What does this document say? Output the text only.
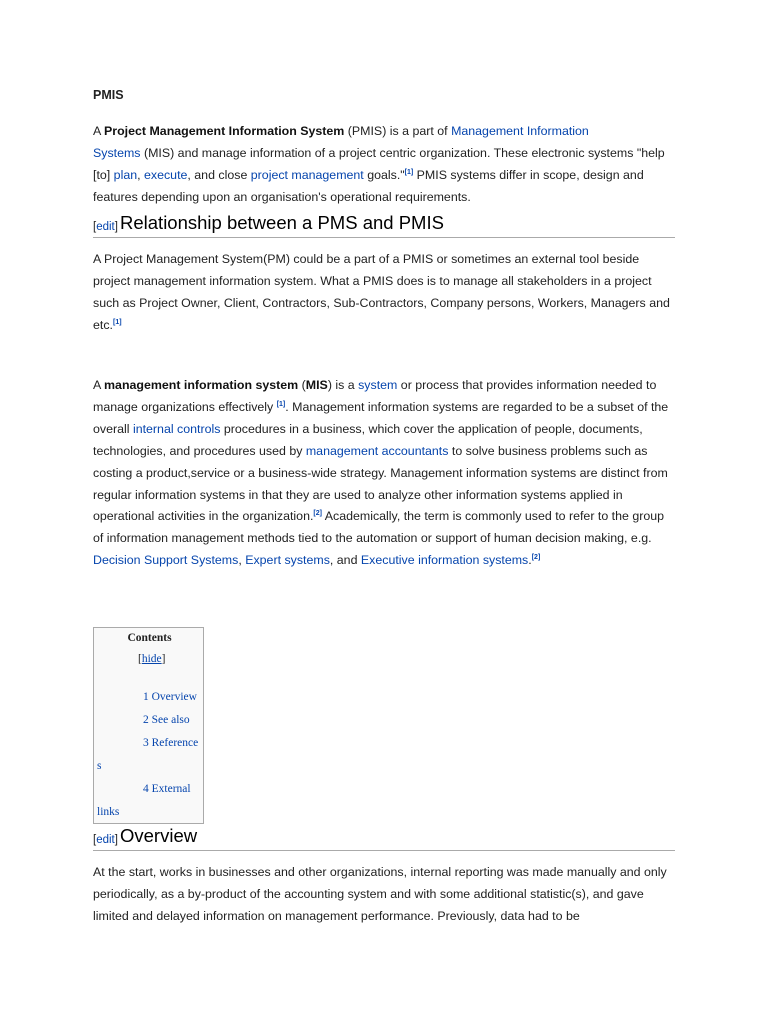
PMIS
A Project Management Information System (PMIS) is a part of Management Information
Systems (MIS) and manage information of a project centric organization. These electronic systems "help [to] plan, execute, and close project management goals."[1] PMIS systems differ in scope, design and features depending upon an organisation's operational requirements.
[edit] Relationship between a PMS and PMIS
A Project Management System(PM) could be a part of a PMIS or sometimes an external tool beside project management information system. What a PMIS does is to manage all stakeholders in a project such as Project Owner, Client, Contractors, Sub-Contractors, Company persons, Workers, Managers and etc.[1]
A management information system (MIS) is a system or process that provides information needed to manage organizations effectively [1]. Management information systems are regarded to be a subset of the overall internal controls procedures in a business, which cover the application of people, documents, technologies, and procedures used by management accountants to solve business problems such as costing a product,service or a business-wide strategy. Management information systems are distinct from regular information systems in that they are used to analyze other information systems applied in operational activities in the organization.[2] Academically, the term is commonly used to refer to the group of information management methods tied to the automation or support of human decision making, e.g. Decision Support Systems, Expert systems, and Executive information systems.[2]
Contents
[hide]
1 Overview
2 See also
3 Reference
s
4 External
links
[edit] Overview
At the start, works in businesses and other organizations, internal reporting was made manually and only periodically, as a by-product of the accounting system and with some additional statistic(s), and gave limited and delayed information on management performance. Previously, data had to be
